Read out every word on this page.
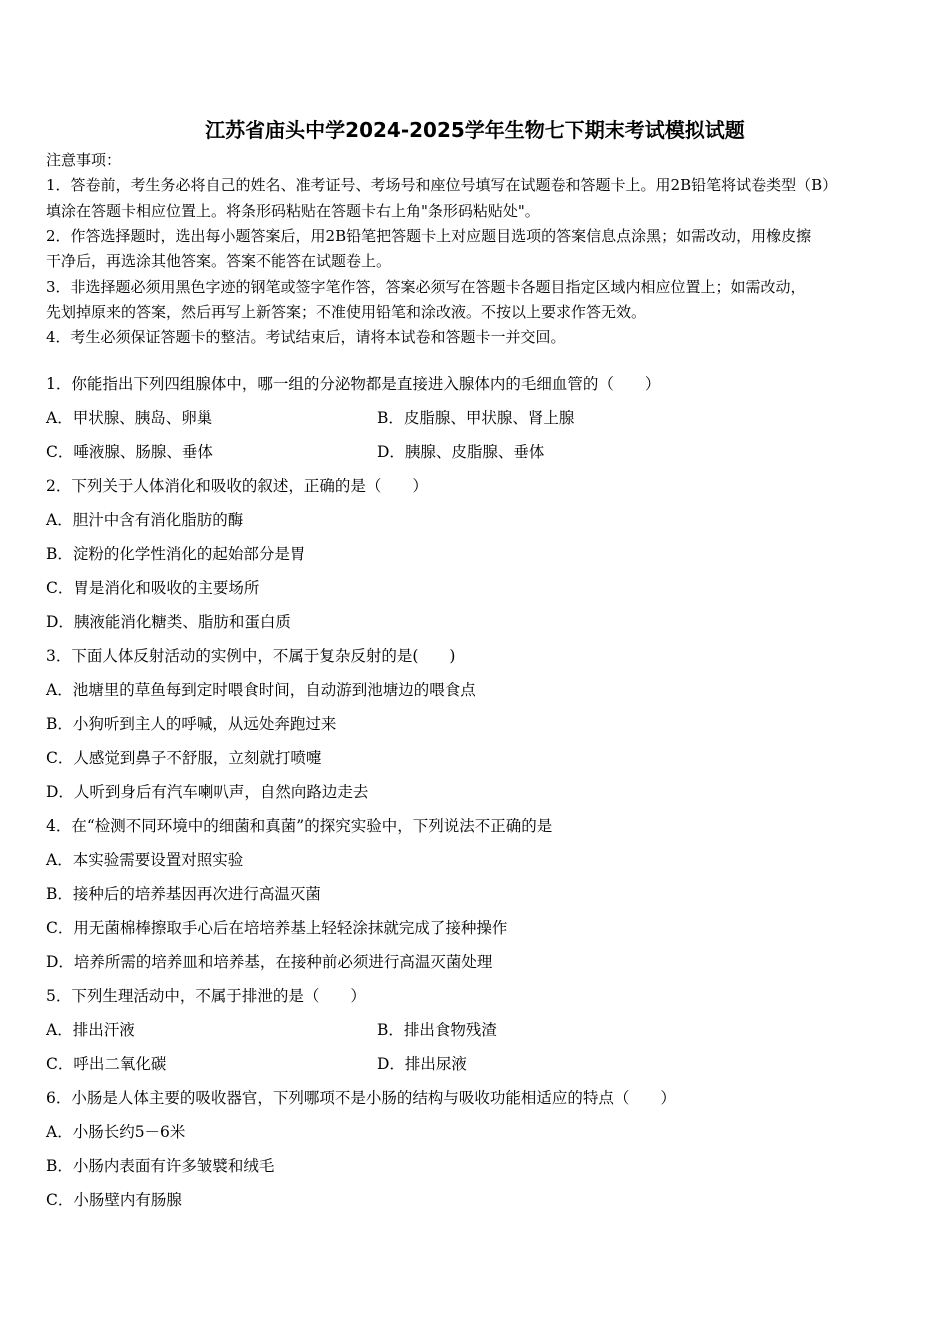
江苏省庙头中学2024-2025学年生物七下期末考试模拟试题
注意事项：
1．答卷前，考生务必将自己的姓名、准考证号、考场号和座位号填写在试题卷和答题卡上。用2B铅笔将试卷类型（B）
填涂在答题卡相应位置上。将条形码粘贴在答题卡右上角"条形码粘贴处"。
2．作答选择题时，选出每小题答案后，用2B铅笔把答题卡上对应题目选项的答案信息点涂黑；如需改动，用橡皮擦
干净后，再选涂其他答案。答案不能答在试题卷上。
3．非选择题必须用黑色字迹的钢笔或签字笔作答，答案必须写在答题卡各题目指定区域内相应位置上；如需改动，
先划掉原来的答案，然后再写上新答案；不准使用铅笔和涂改液。不按以上要求作答无效。
4．考生必须保证答题卡的整洁。考试结束后，请将本试卷和答题卡一并交回。
1．你能指出下列四组腺体中，哪一组的分泌物都是直接进入腺体内的毛细血管的（　　）
A．甲状腺、胰岛、卵巢	B．皮脂腺、甲状腺、肾上腺
C．唾液腺、肠腺、垂体	D．胰腺、皮脂腺、垂体
2．下列关于人体消化和吸收的叙述，正确的是（　　）
A．胆汁中含有消化脂肪的酶
B．淀粉的化学性消化的起始部分是胃
C．胃是消化和吸收的主要场所
D．胰液能消化糖类、脂肪和蛋白质
3．下面人体反射活动的实例中，不属于复杂反射的是(　　)
A．池塘里的草鱼每到定时喂食时间，自动游到池塘边的喂食点
B．小狗听到主人的呼喊，从远处奔跑过来
C．人感觉到鼻子不舒服，立刻就打喷嚏
D．人听到身后有汽车喇叭声，自然向路边走去
4．在“检测不同环境中的细菌和真菌”的探究实验中，下列说法不正确的是
A．本实验需要设置对照实验
B．接种后的培养基因再次进行高温灭菌
C．用无菌棉棒擦取手心后在培培养基上轻轻涂抹就完成了接种操作
D．培养所需的培养皿和培养基，在接种前必须进行高温灭菌处理
5．下列生理活动中，不属于排泄的是（　　）
A．排出汗液	B．排出食物残渣
C．呼出二氧化碳	D．排出尿液
6．小肠是人体主要的吸收器官，下列哪项不是小肠的结构与吸收功能相适应的特点（　　）
A．小肠长约5－6米
B．小肠内表面有许多皱襞和绒毛
C．小肠壁内有肠腺
